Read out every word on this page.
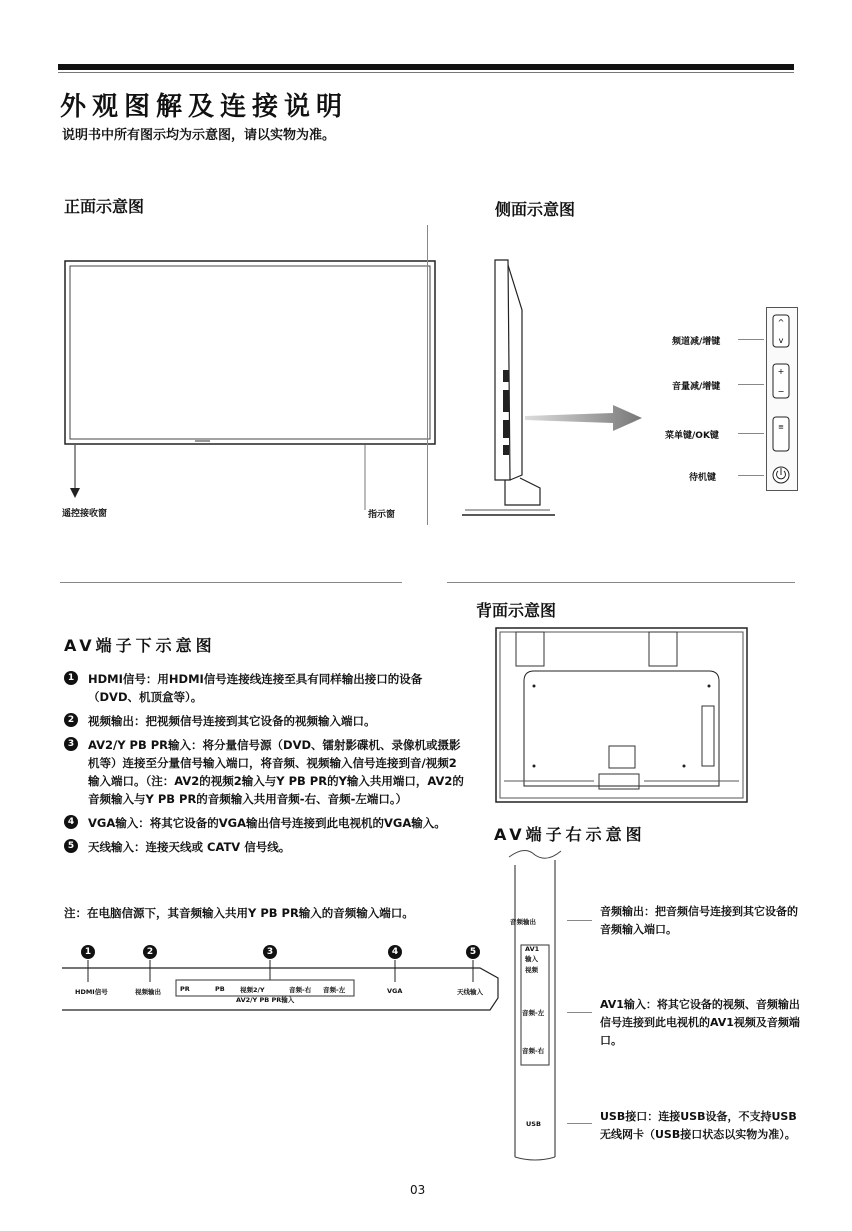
外观图解及连接说明
说明书中所有图示均为示意图，请以实物为准。
正面示意图
遥控接收窗	指示窗
侧面示意图
^
v
+
−
≡
频道减/增键
音量减/增键
菜单键/OK键
待机键
背面示意图
AV端子下示意图
1	HDMI信号：用HDMI信号连接线连接至具有同样输出接口的设备（DVD、机顶盒等）。
2	视频输出：把视频信号连接到其它设备的视频输入端口。
3	AV2/Y PB PR输入：将分量信号源（DVD、镭射影碟机、录像机或摄影机等）连接至分量信号输入端口，将音频、视频输入信号连接到音/视频2输入端口。（注：AV2的视频2输入与Y PB PR的Y输入共用端口，AV2的音频输入与Y PB PR的音频输入共用音频-右、音频-左端口。）
4	VGA输入：将其它设备的VGA输出信号连接到此电视机的VGA输入。
5	天线输入：连接天线或 CATV 信号线。
注：在电脑信源下，其音频输入共用Y PB PR输入的音频输入端口。
1	2	3	4	5
HDMI信号	视频输出	PR	PB 视频2/Y	音频-右 音频-左
AV2/Y PB PR输入
VGA	天线输入
AV端子右示意图
音频输出
AV1
输入
视频
音频-左
音频-右
USB
音频输出：把音频信号连接到其它设备的音频输入端口。
AV1输入：将其它设备的视频、音频输出信号连接到此电视机的AV1视频及音频端口。
USB接口：连接USB设备，不支持USB无线网卡（USB接口状态以实物为准）。
03
